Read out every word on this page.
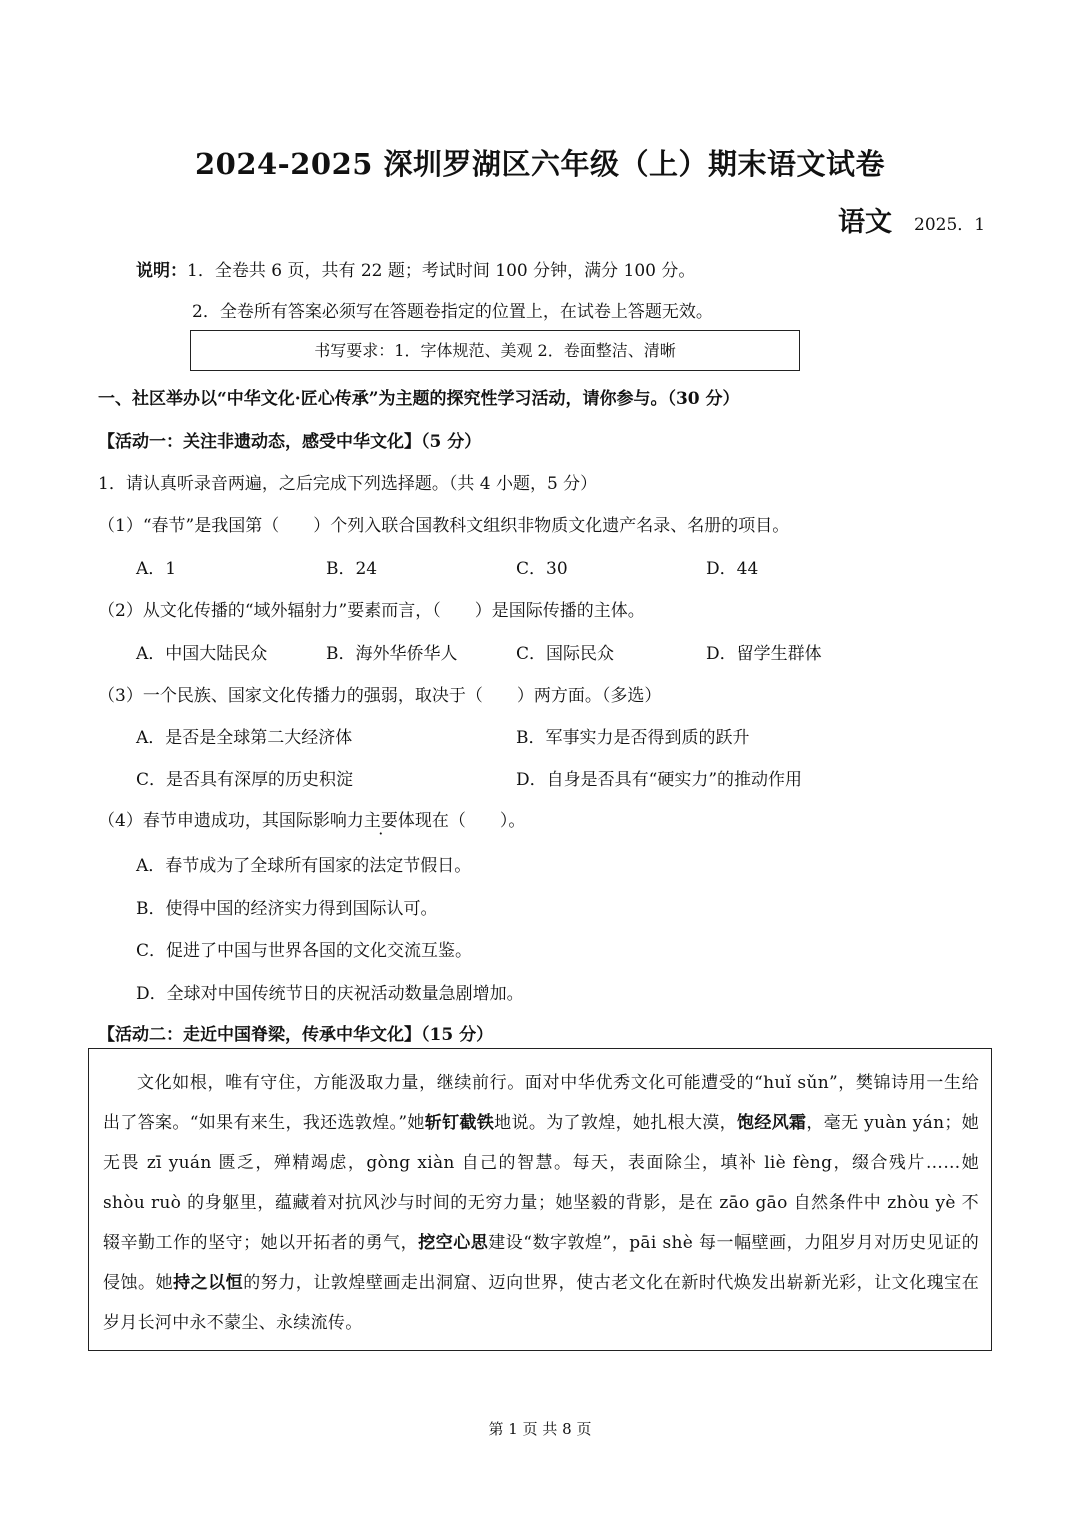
2024-2025 深圳罗湖区六年级（上）期末语文试卷
语文 2025．1
说明：1．全卷共 6 页，共有 22 题；考试时间 100 分钟，满分 100 分。
2．全卷所有答案必须写在答题卷指定的位置上，在试卷上答题无效。
书写要求：1．字体规范、美观 2．卷面整洁、清晰
一、社区举办以“中华文化·匠心传承”为主题的探究性学习活动，请你参与。（30 分）
【活动一：关注非遗动态，感受中华文化】（5 分）
1．请认真听录音两遍，之后完成下列选择题。（共 4 小题，5 分）
（1）“春节”是我国第（　　）个列入联合国教科文组织非物质文化遗产名录、名册的项目。
A．1	B．24	C．30	D．44
（2）从文化传播的“域外辐射力”要素而言，（　　）是国际传播的主体。
A．中国大陆民众	B．海外华侨华人	C．国际民众	D．留学生群体
（3）一个民族、国家文化传播力的强弱，取决于（　　）两方面。（多选）
A．是否是全球第二大经济体	B．军事实力是否得到质的跃升
C．是否具有深厚的历史积淀	D．自身是否具有“硬实力”的推动作用
（4）春节申遗成功，其国际影响力主要体现在（　　）。
A．春节成为了全球所有国家的法定节假日。
B．使得中国的经济实力得到国际认可。
C．促进了中国与世界各国的文化交流互鉴。
D．全球对中国传统节日的庆祝活动数量急剧增加。
【活动二：走近中国脊梁，传承中华文化】（15 分）

文化如根，唯有守住，方能汲取力量，继续前行。面对中华优秀文化可能遭受的“huǐ sǔn”，樊锦诗用一生给出了答案。“如果有来生，我还选敦煌。”她斩钉截铁地说。为了敦煌，她扎根大漠，饱经风霜，毫无 yuàn yán；她无畏 zī yuán 匮乏，殚精竭虑，gòng xiàn 自己的智慧。每天，表面除尘，填补 liè fèng，缀合残片……她 shòu ruò 的身躯里，蕴藏着对抗风沙与时间的无穷力量；她坚毅的背影，是在 zāo gāo 自然条件中 zhòu yè 不辍辛勤工作的坚守；她以开拓者的勇气，挖空心思建设“数字敦煌”，pāi shè 每一幅壁画，力阻岁月对历史见证的侵蚀。她持之以恒的努力，让敦煌壁画走出洞窟、迈向世界，使古老文化在新时代焕发出崭新光彩，让文化瑰宝在岁月长河中永不蒙尘、永续流传。

第 1 页 共 8 页
